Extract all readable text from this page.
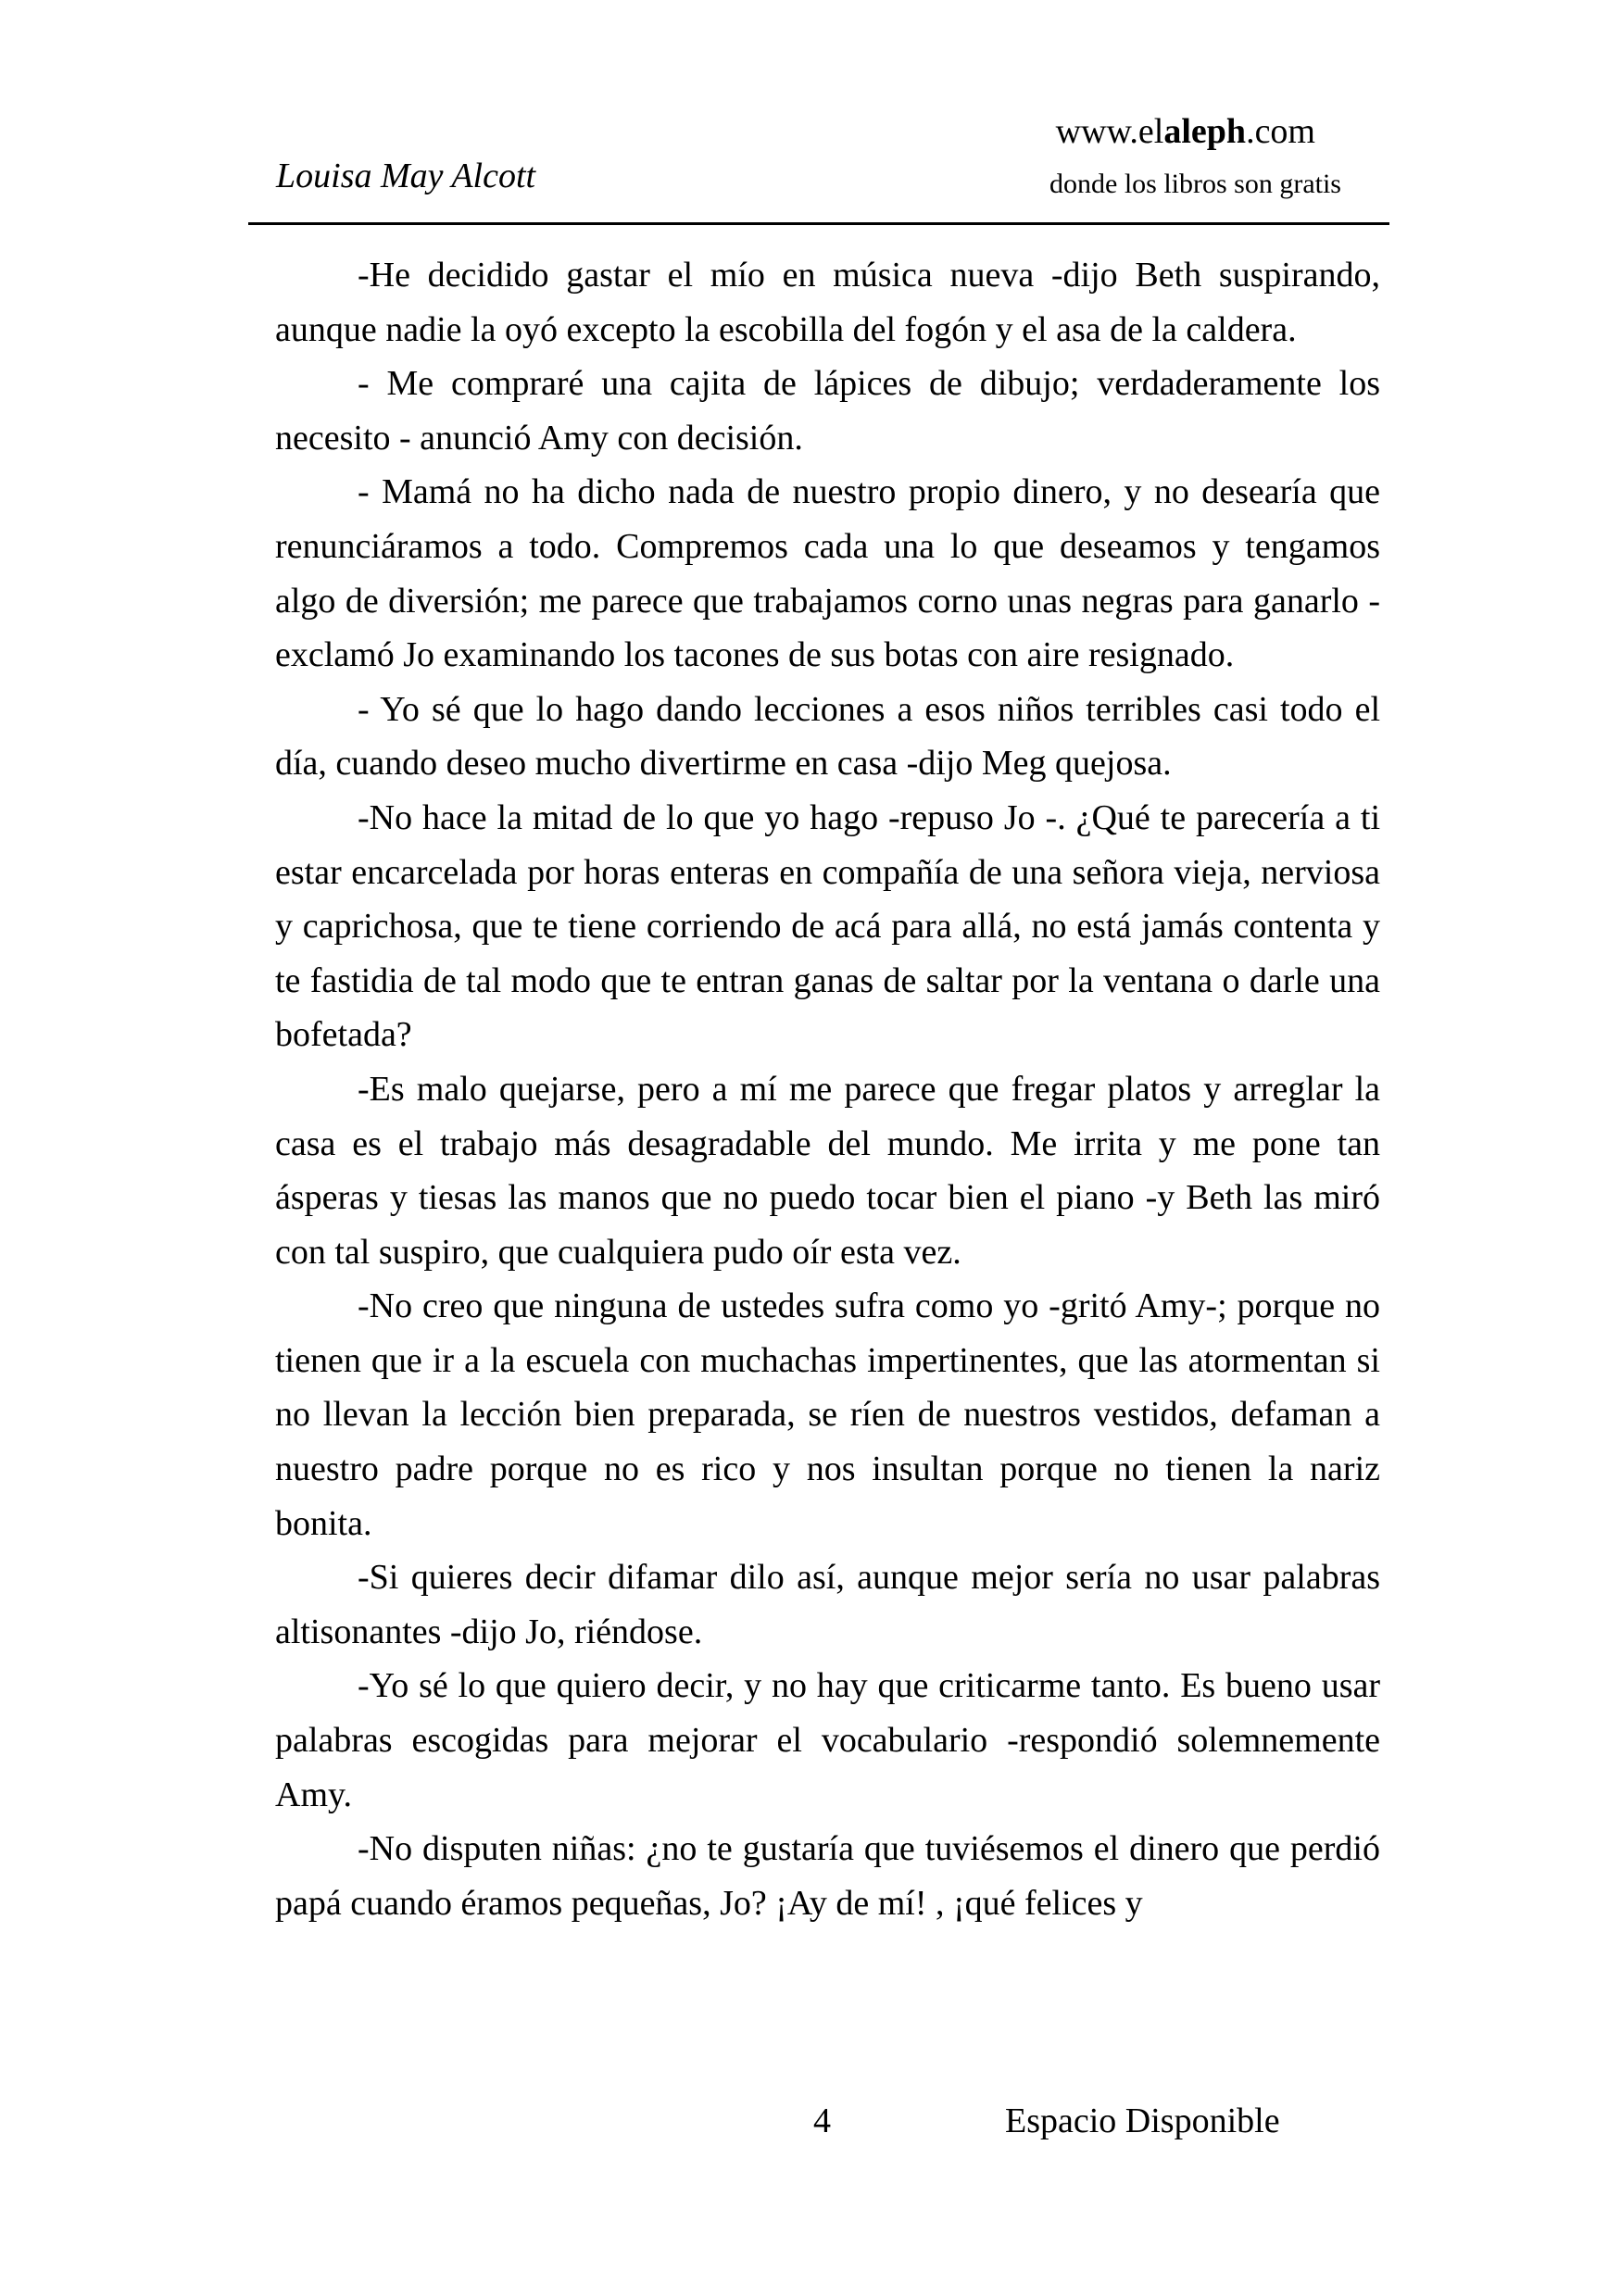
Louisa May Alcott
www.elaleph.com
donde los libros son gratis

-He decidido gastar el mío en música nueva -dijo Beth suspirando, aunque nadie la oyó excepto la escobilla del fogón y el asa de la caldera.

- Me compraré una cajita de lápices de dibujo; verdaderamente los necesito - anunció Amy con decisión.

- Mamá no ha dicho nada de nuestro propio dinero, y no desearía que renunciáramos a todo. Compremos cada una lo que deseamos y tengamos algo de diversión; me parece que trabajamos corno unas negras para ganarlo - exclamó Jo examinando los tacones de sus botas con aire resignado.

- Yo sé que lo hago dando lecciones a esos niños terribles casi todo el día, cuando deseo mucho divertirme en casa -dijo Meg quejosa.

-No hace la mitad de lo que yo hago -repuso Jo -. ¿Qué te parecería a ti estar encarcelada por horas enteras en compañía de una señora vieja, nerviosa y caprichosa, que te tiene corriendo de acá para allá, no está jamás contenta y te fastidia de tal modo que te entran ganas de saltar por la ventana o darle una bofetada?

-Es malo quejarse, pero a mí me parece que fregar platos y arreglar la casa es el trabajo más desagradable del mundo. Me irrita y me pone tan ásperas y tiesas las manos que no puedo tocar bien el piano -y Beth las miró con tal suspiro, que cualquiera pudo oír esta vez.

-No creo que ninguna de ustedes sufra como yo -gritó Amy-; porque no tienen que ir a la escuela con muchachas impertinentes, que las atormentan si no llevan la lección bien preparada, se ríen de nuestros vestidos, defaman a nuestro padre porque no es rico y nos insultan porque no tienen la nariz bonita.

-Si quieres decir difamar dilo así, aunque mejor sería no usar palabras altisonantes -dijo Jo, riéndose.

-Yo sé lo que quiero decir, y no hay que criticarme tanto. Es bueno usar palabras escogidas para mejorar el vocabulario -respondió solemnemente Amy.

-No disputen niñas: ¿no te gustaría que tuviésemos el dinero que perdió papá cuando éramos pequeñas, Jo? ¡Ay de mí! , ¡qué felices y

4	Espacio Disponible
